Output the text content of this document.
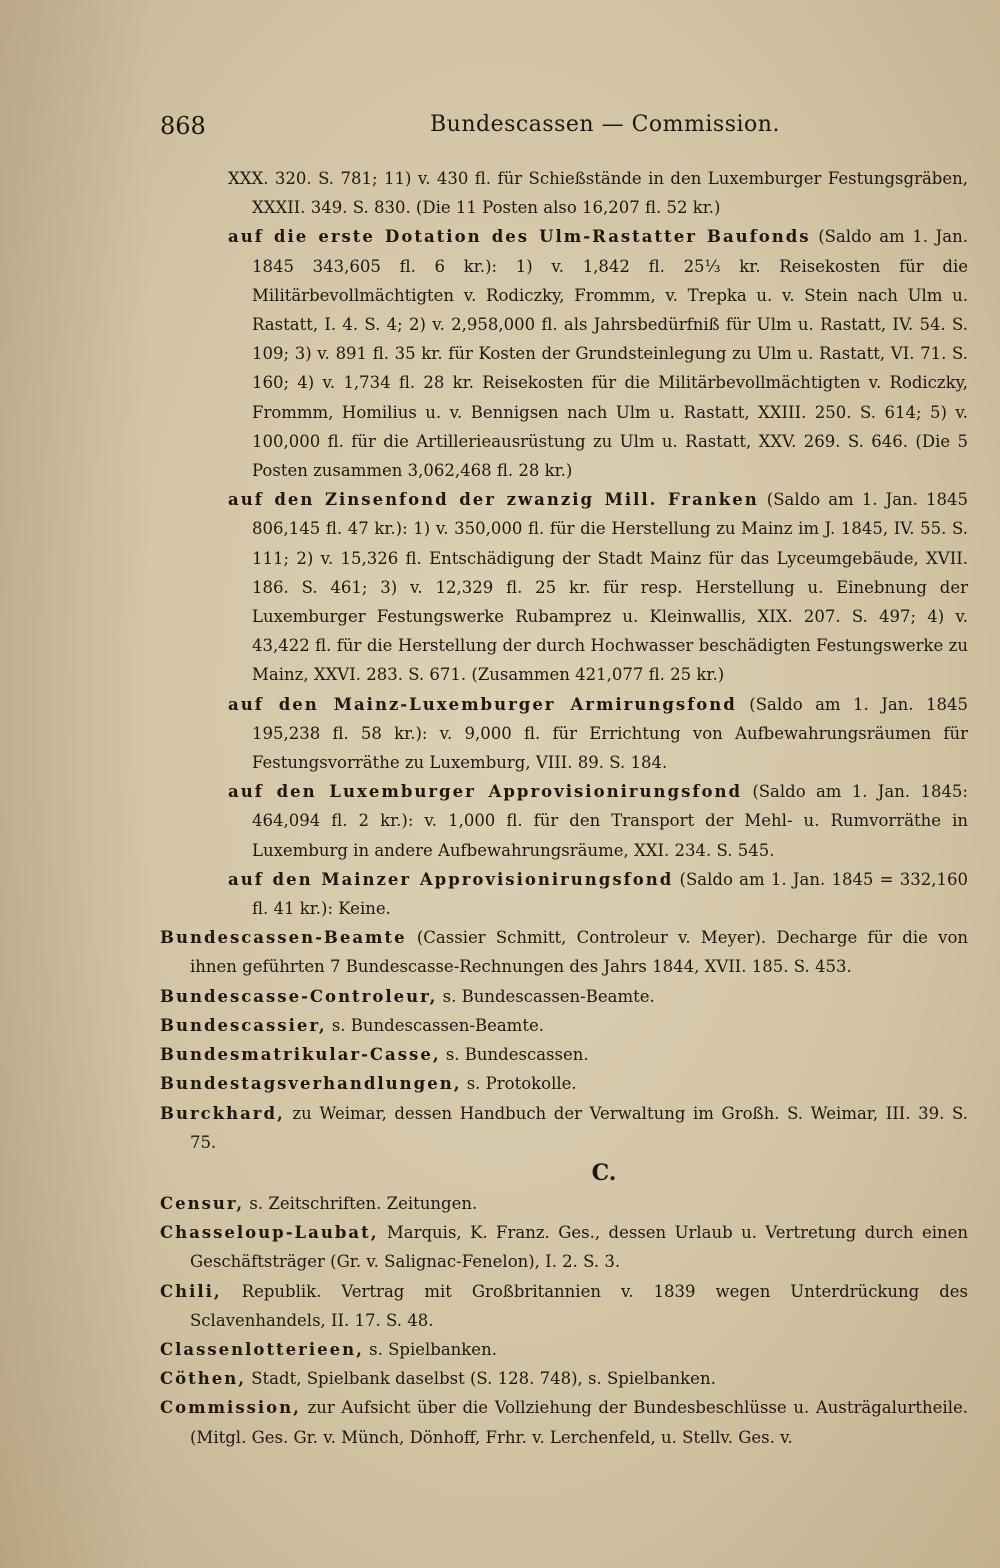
868	Bundescassen — Commission.
XXX. 320. S. 781; 11) v. 430 fl. für Schießstände in den Luxemburger Festungsgräben, XXXII. 349. S. 830. (Die 11 Posten also 16,207 fl. 52 kr.)
auf die erste Dotation des Ulm-Rastatter Baufonds (Saldo am 1. Jan. 1845 343,605 fl. 6 kr.): 1) v. 1,842 fl. 25⅓ kr. Reisekosten für die Militärbevollmächtigten v. Rodiczky, Frommm, v. Trepka u. v. Stein nach Ulm u. Rastatt, I. 4. S. 4; 2) v. 2,958,000 fl. als Jahrsbedürfniß für Ulm u. Rastatt, IV. 54. S. 109; 3) v. 891 fl. 35 kr. für Kosten der Grundsteinlegung zu Ulm u. Rastatt, VI. 71. S. 160; 4) v. 1,734 fl. 28 kr. Reisekosten für die Militärbevollmächtigten v. Rodiczky, Frommm, Homilius u. v. Bennigsen nach Ulm u. Rastatt, XXIII. 250. S. 614; 5) v. 100,000 fl. für die Artillerieausrüstung zu Ulm u. Rastatt, XXV. 269. S. 646. (Die 5 Posten zusammen 3,062,468 fl. 28 kr.)
auf den Zinsenfond der zwanzig Mill. Franken (Saldo am 1. Jan. 1845 806,145 fl. 47 kr.): 1) v. 350,000 fl. für die Herstellung zu Mainz im J. 1845, IV. 55. S. 111; 2) v. 15,326 fl. Entschädigung der Stadt Mainz für das Lyceumgebäude, XVII. 186. S. 461; 3) v. 12,329 fl. 25 kr. für resp. Herstellung u. Einebnung der Luxemburger Festungswerke Rubamprez u. Kleinwallis, XIX. 207. S. 497; 4) v. 43,422 fl. für die Herstellung der durch Hochwasser beschädigten Festungswerke zu Mainz, XXVI. 283. S. 671. (Zusammen 421,077 fl. 25 kr.)
auf den Mainz-Luxemburger Armirungsfond (Saldo am 1. Jan. 1845 195,238 fl. 58 kr.): v. 9,000 fl. für Errichtung von Aufbewahrungsräumen für Festungsvorräthe zu Luxemburg, VIII. 89. S. 184.
auf den Luxemburger Approvisionirungsfond (Saldo am 1. Jan. 1845: 464,094 fl. 2 kr.): v. 1,000 fl. für den Transport der Mehl- u. Rumvorräthe in Luxemburg in andere Aufbewahrungsräume, XXI. 234. S. 545.
auf den Mainzer Approvisionirungsfond (Saldo am 1. Jan. 1845 = 332,160 fl. 41 kr.): Keine.
Bundescassen-Beamte (Cassier Schmitt, Controleur v. Meyer). Decharge für die von ihnen geführten 7 Bundescasse-Rechnungen des Jahrs 1844, XVII. 185. S. 453.
Bundescasse-Controleur, s. Bundescassen-Beamte.
Bundescassier, s. Bundescassen-Beamte.
Bundesmatrikular-Casse, s. Bundescassen.
Bundestagsverhandlungen, s. Protokolle.
Burckhard, zu Weimar, dessen Handbuch der Verwaltung im Großh. S. Weimar, III. 39. S. 75.
C.
Censur, s. Zeitschriften. Zeitungen.
Chasseloup-Laubat, Marquis, K. Franz. Ges., dessen Urlaub u. Vertretung durch einen Geschäftsträger (Gr. v. Salignac-Fenelon), I. 2. S. 3.
Chili, Republik. Vertrag mit Großbritannien v. 1839 wegen Unterdrückung des Sclavenhandels, II. 17. S. 48.
Classenlotterieen, s. Spielbanken.
Cöthen, Stadt, Spielbank daselbst (S. 128. 748), s. Spielbanken.
Commission, zur Aufsicht über die Vollziehung der Bundesbeschlüsse u. Austrägalurtheile. (Mitgl. Ges. Gr. v. Münch, Dönhoff, Frhr. v. Lerchenfeld, u. Stellv. Ges. v.
